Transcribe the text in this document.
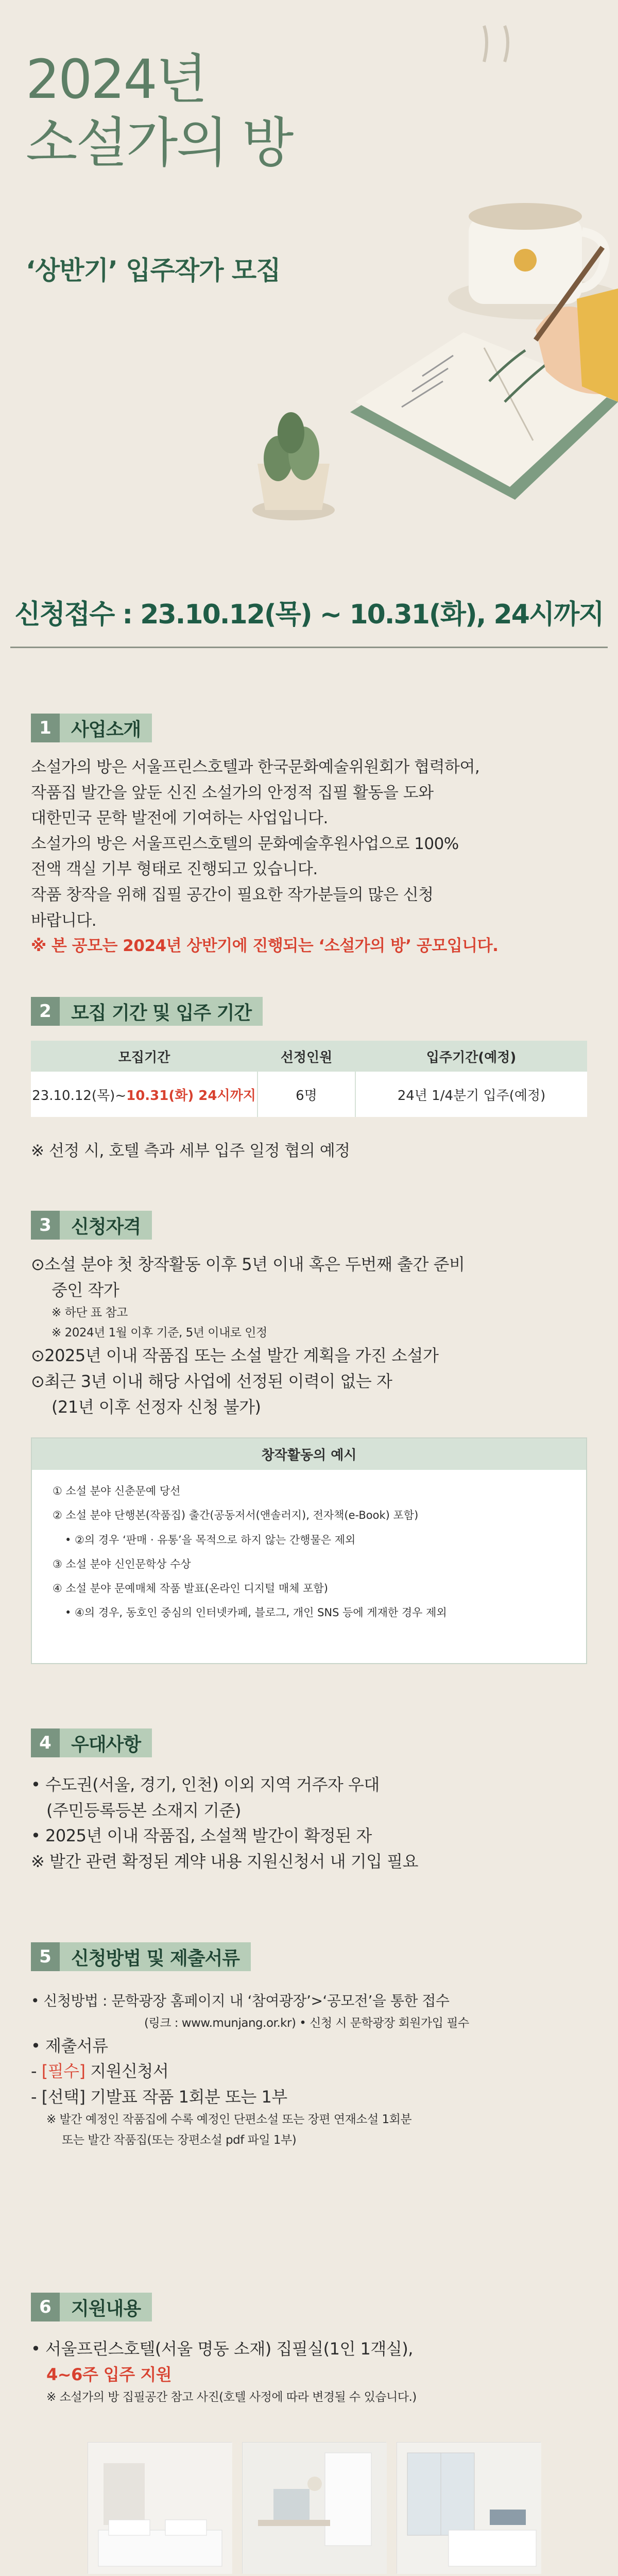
2024년
소설가의 방
‘상반기’ 입주작가 모집
신청접수 : 23.10.12(목) ~ 10.31(화), 24시까지
1	사업소개
소설가의 방은 서울프린스호텔과 한국문화예술위원회가 협력하여,
작품집 발간을 앞둔 신진 소설가의 안정적 집필 활동을 도와
대한민국 문학 발전에 기여하는 사업입니다.
소설가의 방은 서울프린스호텔의 문화예술후원사업으로 100%
전액 객실 기부 형태로 진행되고 있습니다.
작품 창작을 위해 집필 공간이 필요한 작가분들의 많은 신청
바랍니다.
※ 본 공모는 2024년 상반기에 진행되는 ‘소설가의 방’ 공모입니다.
2	모집 기간 및 입주 기간
모집기간	선정인원	입주기간(예정)
23.10.12(목)~10.31(화) 24시까지	6명	24년 1/4분기 입주(예정)
※ 선정 시, 호텔 측과 세부 입주 일정 협의 예정
3	신청자격
⊙소설 분야 첫 창작활동 이후 5년 이내 혹은 두번째 출간 준비
중인 작가
※ 하단 표 참고
※ 2024년 1월 이후 기준, 5년 이내로 인정
⊙2025년 이내 작품집 또는 소설 발간 계획을 가진 소설가
⊙최근 3년 이내 해당 사업에 선정된 이력이 없는 자
(21년 이후 선정자 신청 불가)
창작활동의 예시
① 소설 분야 신춘문예 당선
② 소설 분야 단행본(작품집) 출간(공동저서(앤솔러지), 전자책(e-Book) 포함)
• ②의 경우 ‘판매 · 유통’을 목적으로 하지 않는 간행물은 제외
③ 소설 분야 신인문학상 수상
④ 소설 분야 문예매체 작품 발표(온라인 디지털 매체 포함)
• ④의 경우, 동호인 중심의 인터넷카페, 블로그, 개인 SNS 등에 게재한 경우 제외
4	우대사항
• 수도권(서울, 경기, 인천) 이외 지역 거주자 우대
(주민등록등본 소재지 기준)
• 2025년 이내 작품집, 소설책 발간이 확정된 자
※ 발간 관련 확정된 계약 내용 지원신청서 내 기입 필요
5	신청방법 및 제출서류
• 신청방법 : 문학광장 홈페이지 내 ‘참여광장’>‘공모전’을 통한 접수
(링크 : www.munjang.or.kr) • 신청 시 문학광장 회원가입 필수
• 제출서류
- [필수] 지원신청서
- [선택] 기발표 작품 1회분 또는 1부
※ 발간 예정인 작품집에 수록 예정인 단편소설 또는 장편 연재소설 1회분
또는 발간 작품집(또는 장편소설 pdf 파일 1부)
6	지원내용
• 서울프린스호텔(서울 명동 소재) 집필실(1인 1객실),
4~6주 입주 지원
※ 소설가의 방 집필공간 참고 사진(호텔 사정에 따라 변경될 수 있습니다.)
